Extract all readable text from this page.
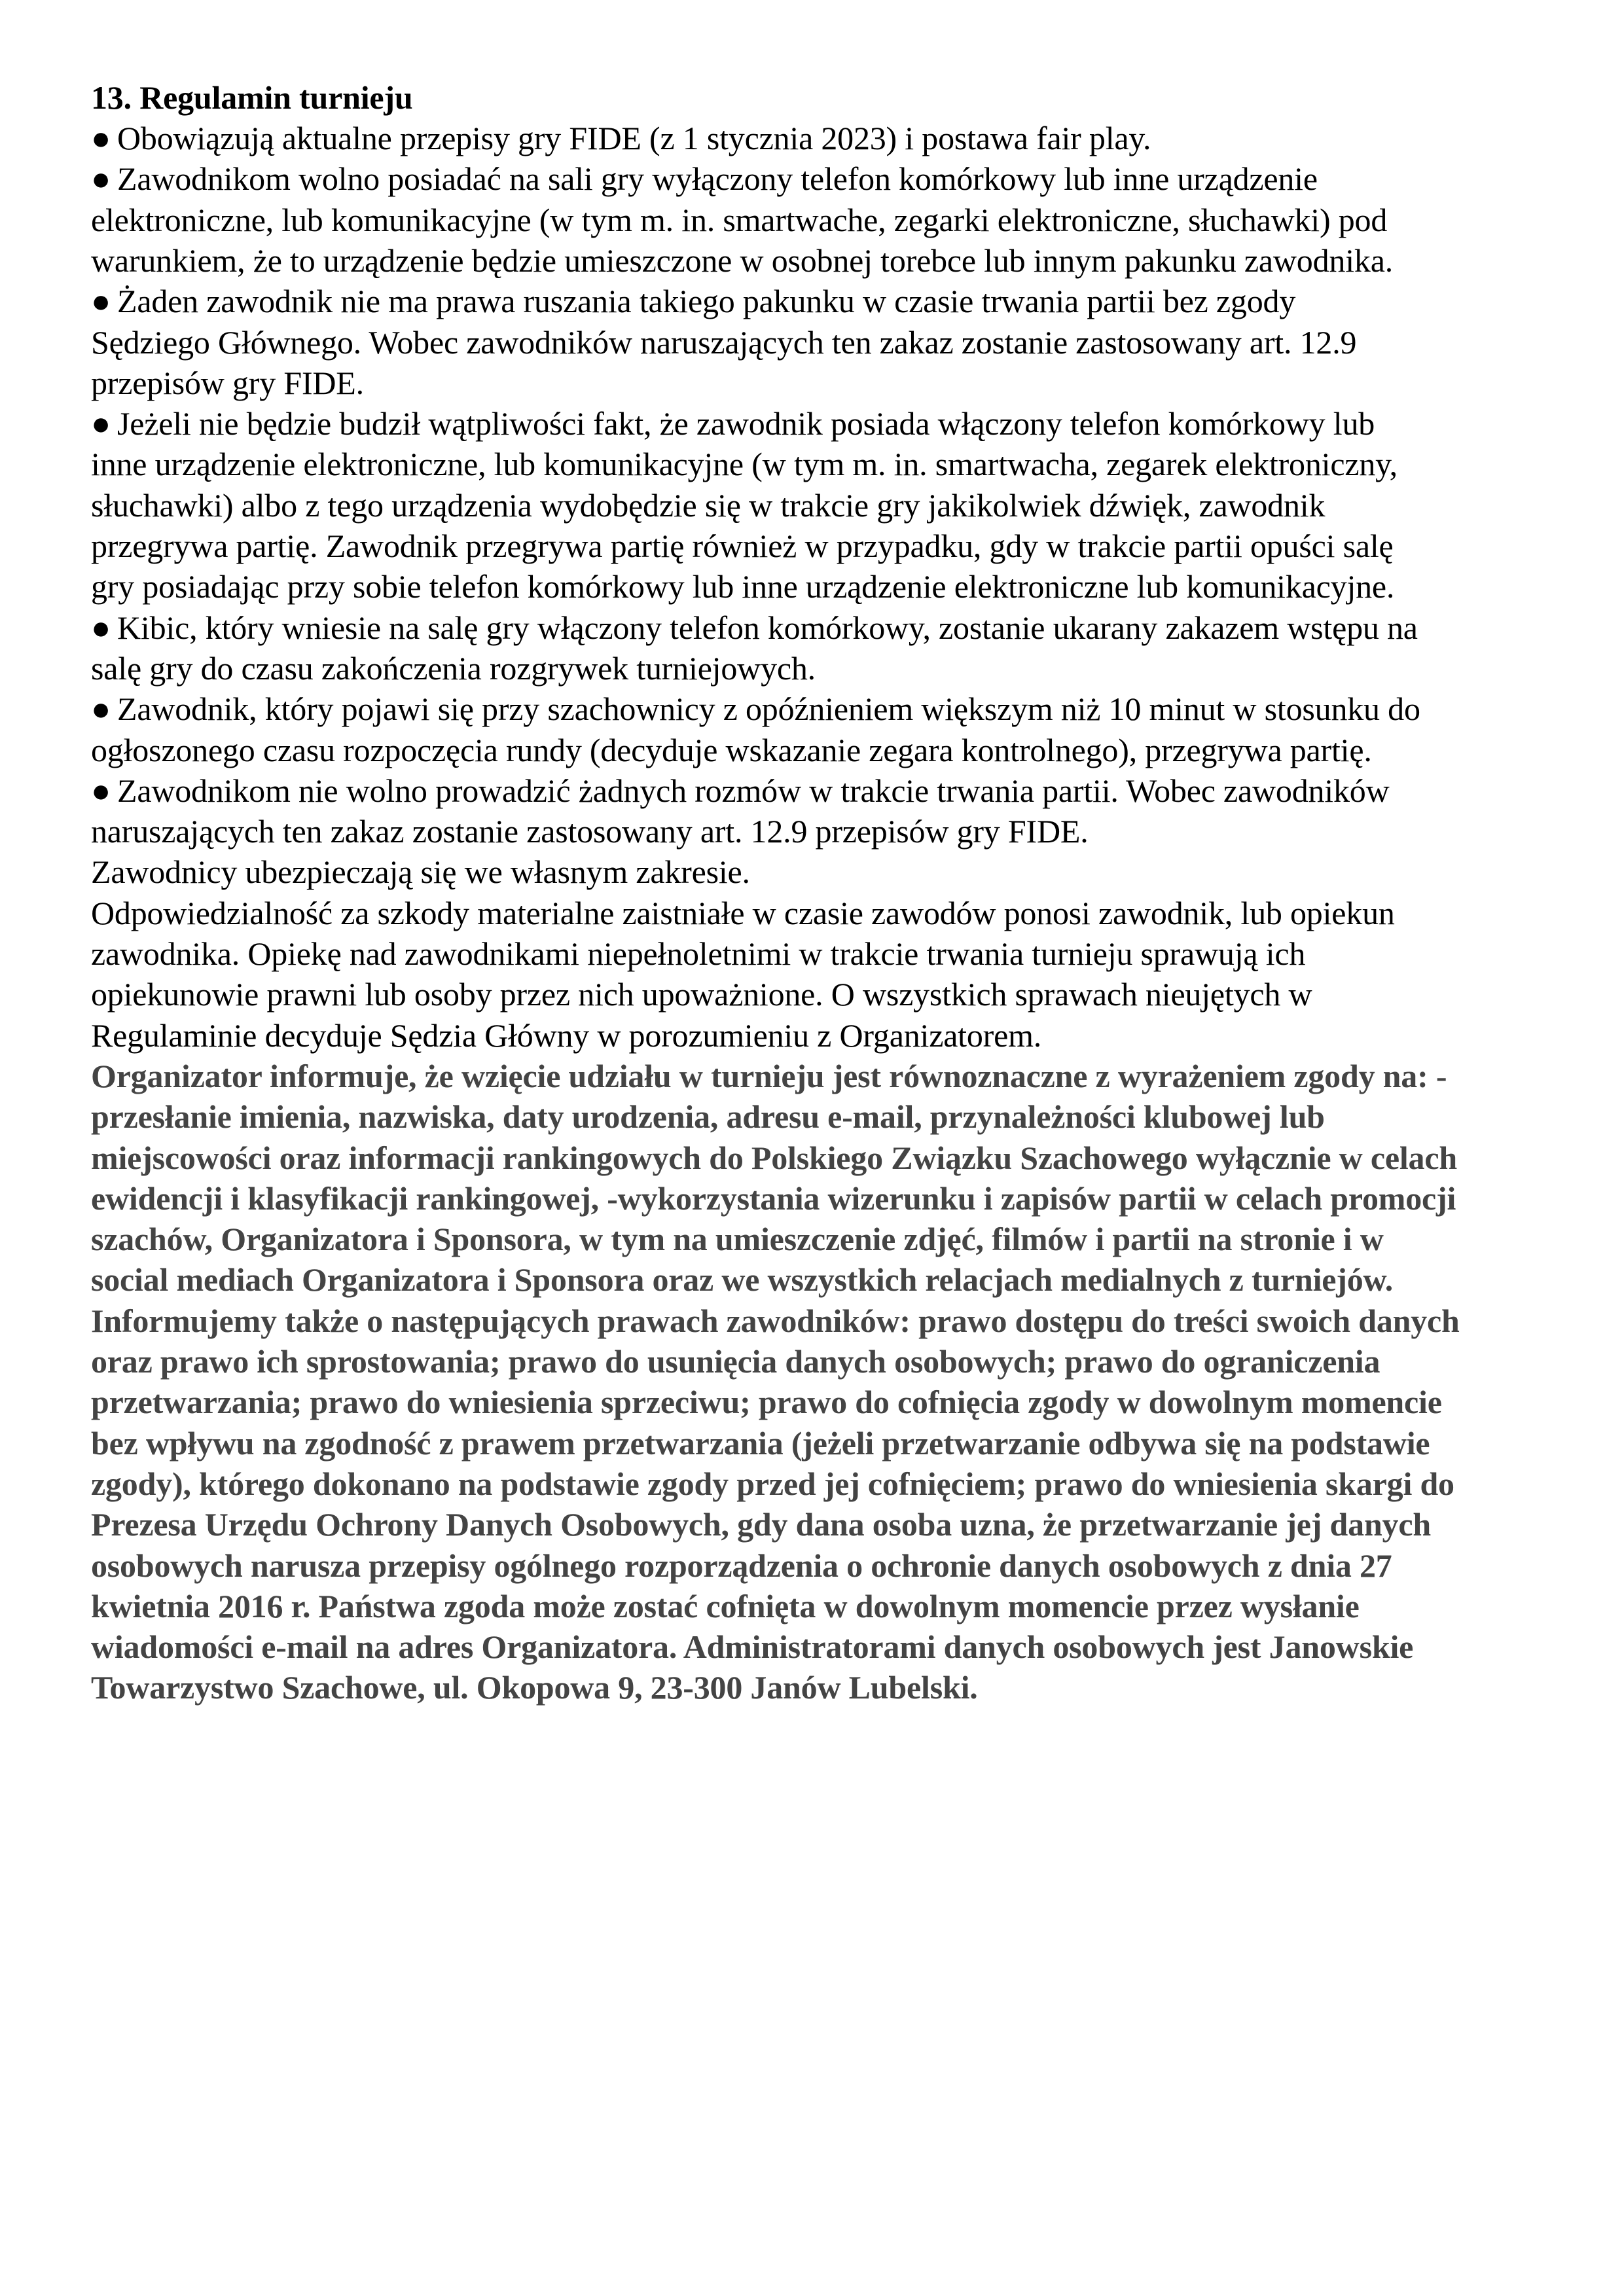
13. Regulamin turnieju
● Obowiązują aktualne przepisy gry FIDE (z 1 stycznia 2023) i postawa fair play.
● Zawodnikom wolno posiadać na sali gry wyłączony telefon komórkowy lub inne urządzenie
elektroniczne, lub komunikacyjne (w tym m. in. smartwache, zegarki elektroniczne, słuchawki) pod
warunkiem, że to urządzenie będzie umieszczone w osobnej torebce lub innym pakunku zawodnika.
● Żaden zawodnik nie ma prawa ruszania takiego pakunku w czasie trwania partii bez zgody
Sędziego Głównego. Wobec zawodników naruszających ten zakaz zostanie zastosowany art. 12.9
przepisów gry FIDE.
● Jeżeli nie będzie budził wątpliwości fakt, że zawodnik posiada włączony telefon komórkowy lub
inne urządzenie elektroniczne, lub komunikacyjne (w tym m. in. smartwacha, zegarek elektroniczny,
słuchawki) albo z tego urządzenia wydobędzie się w trakcie gry jakikolwiek dźwięk, zawodnik
przegrywa partię. Zawodnik przegrywa partię również w przypadku, gdy w trakcie partii opuści salę
gry posiadając przy sobie telefon komórkowy lub inne urządzenie elektroniczne lub komunikacyjne.
● Kibic, który wniesie na salę gry włączony telefon komórkowy, zostanie ukarany zakazem wstępu na
salę gry do czasu zakończenia rozgrywek turniejowych.
● Zawodnik, który pojawi się przy szachownicy z opóźnieniem większym niż 10 minut w stosunku do
ogłoszonego czasu rozpoczęcia rundy (decyduje wskazanie zegara kontrolnego), przegrywa partię.
● Zawodnikom nie wolno prowadzić żadnych rozmów w trakcie trwania partii. Wobec zawodników
naruszających ten zakaz zostanie zastosowany art. 12.9 przepisów gry FIDE.
Zawodnicy ubezpieczają się we własnym zakresie.
Odpowiedzialność za szkody materialne zaistniałe w czasie zawodów ponosi zawodnik, lub opiekun
zawodnika. Opiekę nad zawodnikami niepełnoletnimi w trakcie trwania turnieju sprawują ich
opiekunowie prawni lub osoby przez nich upoważnione. O wszystkich sprawach nieujętych w
Regulaminie decyduje Sędzia Główny w porozumieniu z Organizatorem.
Organizator informuje, że wzięcie udziału w turnieju jest równoznaczne z wyrażeniem zgody na: -
przesłanie imienia, nazwiska, daty urodzenia, adresu e-mail, przynależności klubowej lub
miejscowości oraz informacji rankingowych do Polskiego Związku Szachowego wyłącznie w celach
ewidencji i klasyfikacji rankingowej, -wykorzystania wizerunku i zapisów partii w celach promocji
szachów, Organizatora i Sponsora, w tym na umieszczenie zdjęć, filmów i partii na stronie i w
social mediach Organizatora i Sponsora oraz we wszystkich relacjach medialnych z turniejów.
Informujemy także o następujących prawach zawodników: prawo dostępu do treści swoich danych
oraz prawo ich sprostowania; prawo do usunięcia danych osobowych; prawo do ograniczenia
przetwarzania; prawo do wniesienia sprzeciwu; prawo do cofnięcia zgody w dowolnym momencie
bez wpływu na zgodność z prawem przetwarzania (jeżeli przetwarzanie odbywa się na podstawie
zgody), którego dokonano na podstawie zgody przed jej cofnięciem; prawo do wniesienia skargi do
Prezesa Urzędu Ochrony Danych Osobowych, gdy dana osoba uzna, że przetwarzanie jej danych
osobowych narusza przepisy ogólnego rozporządzenia o ochronie danych osobowych z dnia 27
kwietnia 2016 r. Państwa zgoda może zostać cofnięta w dowolnym momencie przez wysłanie
wiadomości e-mail na adres Organizatora. Administratorami danych osobowych jest Janowskie
Towarzystwo Szachowe, ul. Okopowa 9, 23-300 Janów Lubelski.
